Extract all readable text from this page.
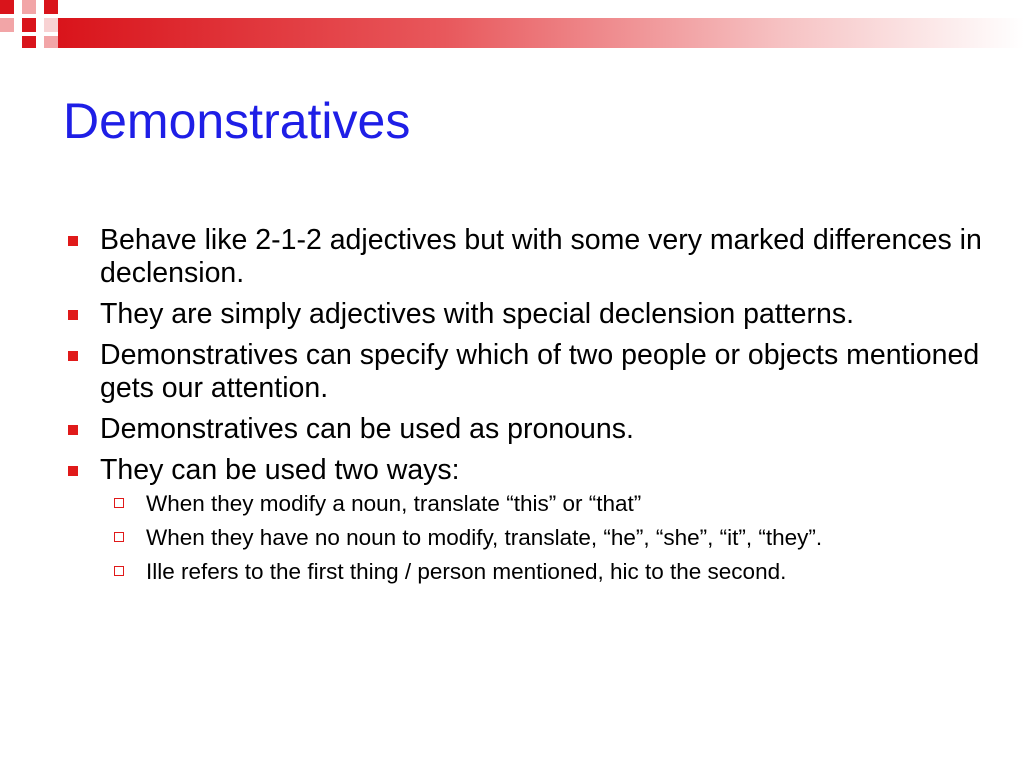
Demonstratives
Behave like 2-1-2 adjectives but with some very marked differences in declension.
They are simply adjectives with special declension patterns.
Demonstratives can specify which of two people or objects mentioned gets our attention.
Demonstratives can be used as pronouns.
They can be used two ways:
When they modify a noun, translate “this” or “that”
When they have no noun to modify, translate, “he”, “she”, “it”, “they”.
Ille refers to the first thing / person mentioned, hic to the second.
